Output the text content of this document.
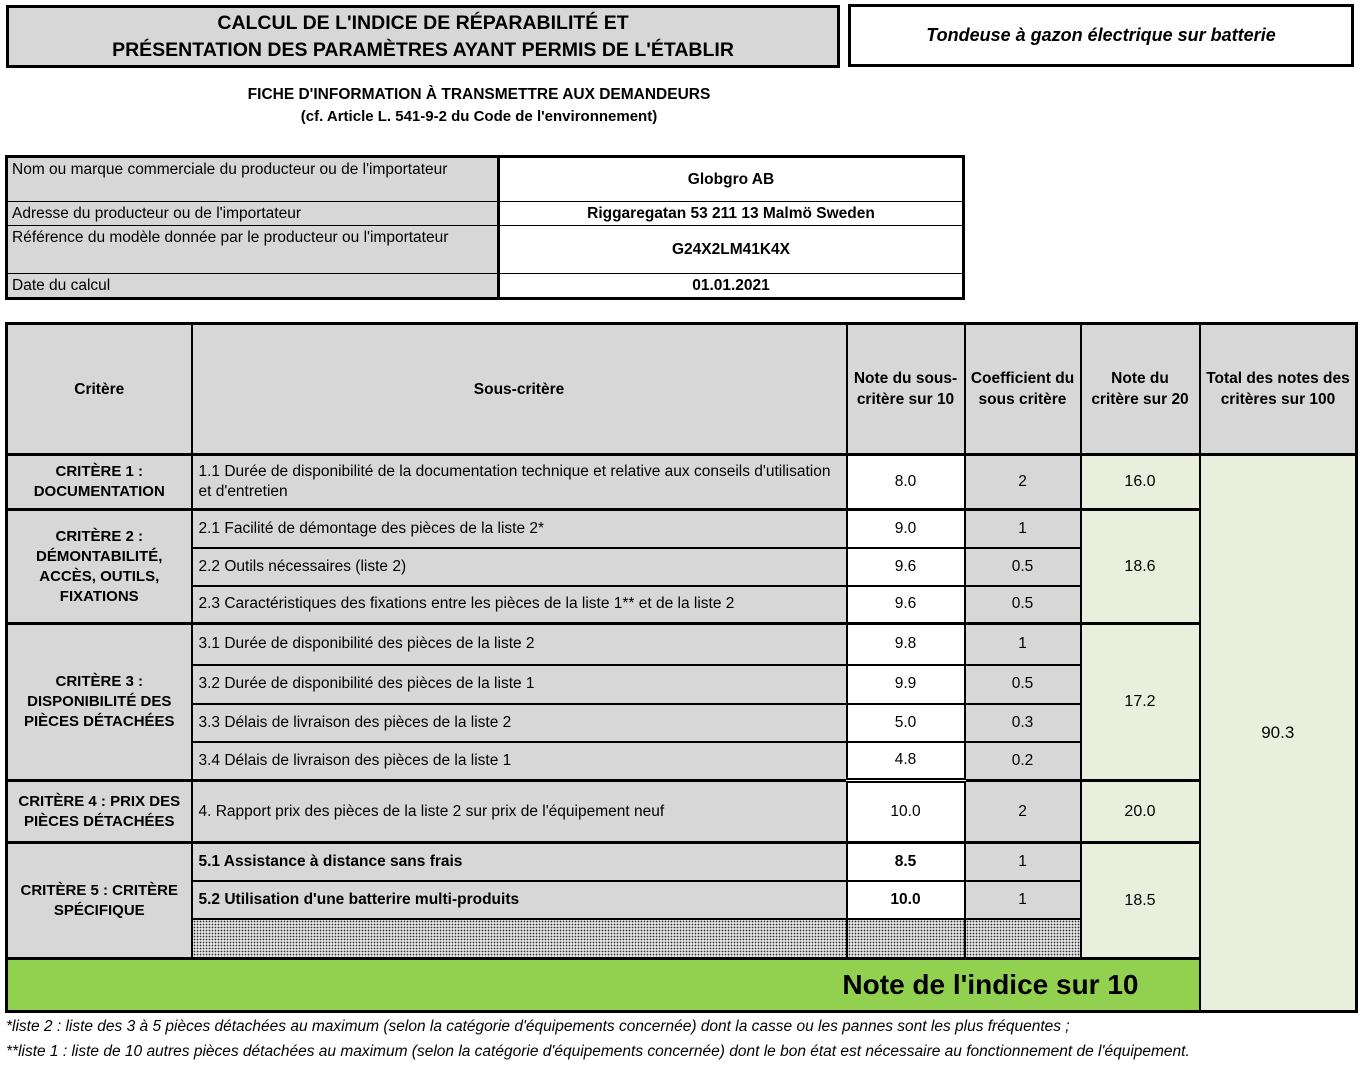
CALCUL DE L'INDICE DE RÉPARABILITÉ ET
PRÉSENTATION DES PARAMÈTRES AYANT PERMIS DE L'ÉTABLIR
Tondeuse à gazon électrique sur batterie
FICHE D'INFORMATION À TRANSMETTRE AUX DEMANDEURS
(cf. Article L. 541-9-2 du Code de l'environnement)
Nom ou marque commerciale du producteur ou de l'importateur	Globgro AB
Adresse du producteur ou de l'importateur	Riggaregatan 53 211 13 Malmö Sweden
Référence du modèle donnée par le producteur ou l'importateur	G24X2LM41K4X
Date du calcul	01.01.2021
Critère	Sous-critère	Note du sous-critère sur 10	Coefficient du sous critère	Note du critère sur 20	Total des notes des critères sur 100	
CRITÈRE 1 : DOCUMENTATION	1.1 Durée de disponibilité de la documentation technique et relative aux conseils d'utilisation et d'entretien	8.0	2	16.0	90.3	
CRITÈRE 2 : DÉMONTABILITÉ, ACCÈS, OUTILS, FIXATIONS	2.1 Facilité de démontage des pièces de la liste 2*	9.0	1	18.6		
	2.2 Outils nécessaires (liste 2)	9.6	0.5			
	2.3 Caractéristiques des fixations entre les pièces de la liste 1** et de la liste 2	9.6	0.5			
CRITÈRE 3 : DISPONIBILITÉ DES PIÈCES DÉTACHÉES	3.1 Durée de disponibilité des pièces de la liste 2	9.8	1	17.2		
	3.2 Durée de disponibilité des pièces de la liste 1	9.9	0.5			
	3.3 Délais de livraison des pièces de la liste 2	5.0	0.3			
	3.4 Délais de livraison des pièces de la liste 1	4.8	0.2			
CRITÈRE 4 : PRIX DES PIÈCES DÉTACHÉES	4. Rapport prix des pièces de la liste 2 sur prix de l'équipement neuf	10.0	2	20.0		
CRITÈRE 5 : CRITÈRE SPÉCIFIQUE	5.1 Assistance à distance sans frais	8.5	1	18.5		
	5.2 Utilisation d'une batterire multi-produits	10.0	1			

Note de l'indice sur 10	
*liste 2 : liste des 3 à 5 pièces détachées au maximum (selon la catégorie d'équipements concernée) dont la casse ou les pannes sont les plus fréquentes ;
**liste 1 : liste de 10 autres pièces détachées au maximum (selon la catégorie d'équipements concernée) dont le bon état est nécessaire au fonctionnement de l'équipement.
